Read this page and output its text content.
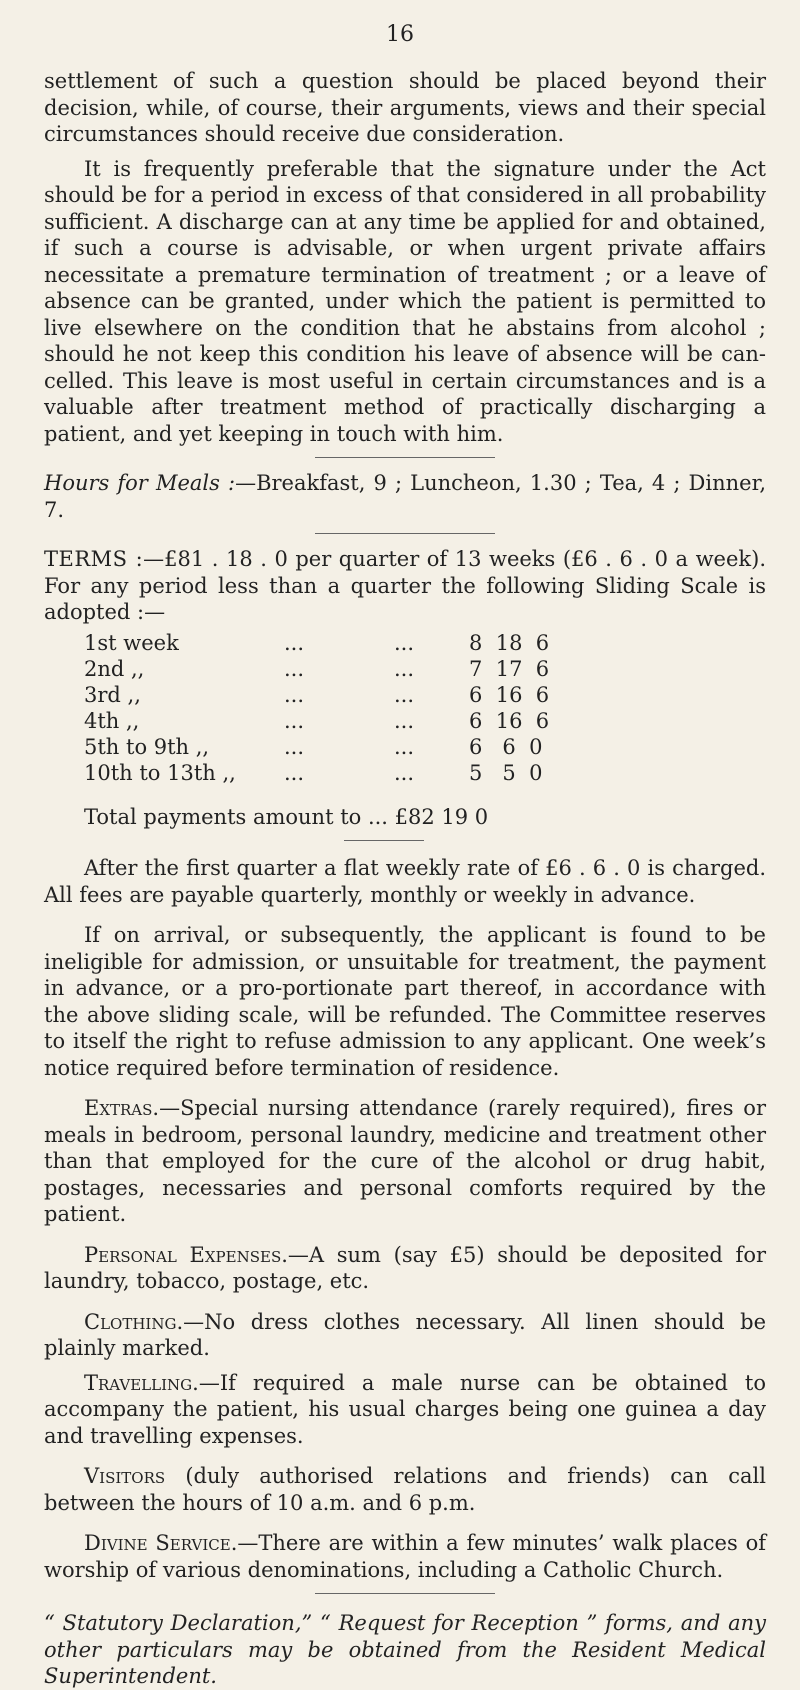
16

settlement of such a question should be placed beyond their decision, while, of course, their arguments, views and their special circumstances should receive due consideration.

It is frequently preferable that the signature under the Act should be for a period in excess of that considered in all probability sufficient. A discharge can at any time be applied for and obtained, if such a course is advisable, or when urgent private affairs necessitate a premature termination of treatment ; or a leave of absence can be granted, under which the patient is permitted to live elsewhere on the condition that he abstains from alcohol ; should he not keep this condition his leave of absence will be can-celled. This leave is most useful in certain circumstances and is a valuable after treatment method of practically discharging a patient, and yet keeping in touch with him.

Hours for Meals :—Breakfast, 9 ; Luncheon, 1.30 ; Tea, 4 ; Dinner, 7.

TERMS :—£81 . 18 . 0 per quarter of 13 weeks (£6 . 6 . 0 a week). For any period less than a quarter the following Sliding Scale is adopted :—

1st week	...	...	8  18  6
2nd ,,	...	...	7  17  6
3rd ,,	...	...	6  16  6
4th ,,	...	...	6  16  6
5th to 9th ,,	...	...	6   6  0
10th to 13th ,,	...	...	5   5  0

Total payments amount to ... £82 19 0

After the first quarter a flat weekly rate of £6 . 6 . 0 is charged. All fees are payable quarterly, monthly or weekly in advance.

If on arrival, or subsequently, the applicant is found to be ineligible for admission, or unsuitable for treatment, the payment in advance, or a pro-portionate part thereof, in accordance with the above sliding scale, will be refunded. The Committee reserves to itself the right to refuse admission to any applicant. One week’s notice required before termination of residence.

Extras.—Special nursing attendance (rarely required), fires or meals in bedroom, personal laundry, medicine and treatment other than that employed for the cure of the alcohol or drug habit, postages, necessaries and personal comforts required by the patient.

Personal Expenses.—A sum (say £5) should be deposited for laundry, tobacco, postage, etc.

Clothing.—No dress clothes necessary. All linen should be plainly marked.

Travelling.—If required a male nurse can be obtained to accompany the patient, his usual charges being one guinea a day and travelling expenses.

Visitors (duly authorised relations and friends) can call between the hours of 10 a.m. and 6 p.m.

Divine Service.—There are within a few minutes’ walk places of worship of various denominations, including a Catholic Church.

“ Statutory Declaration,” “ Request for Reception ” forms, and any other particulars may be obtained from the Resident Medical Superintendent.
